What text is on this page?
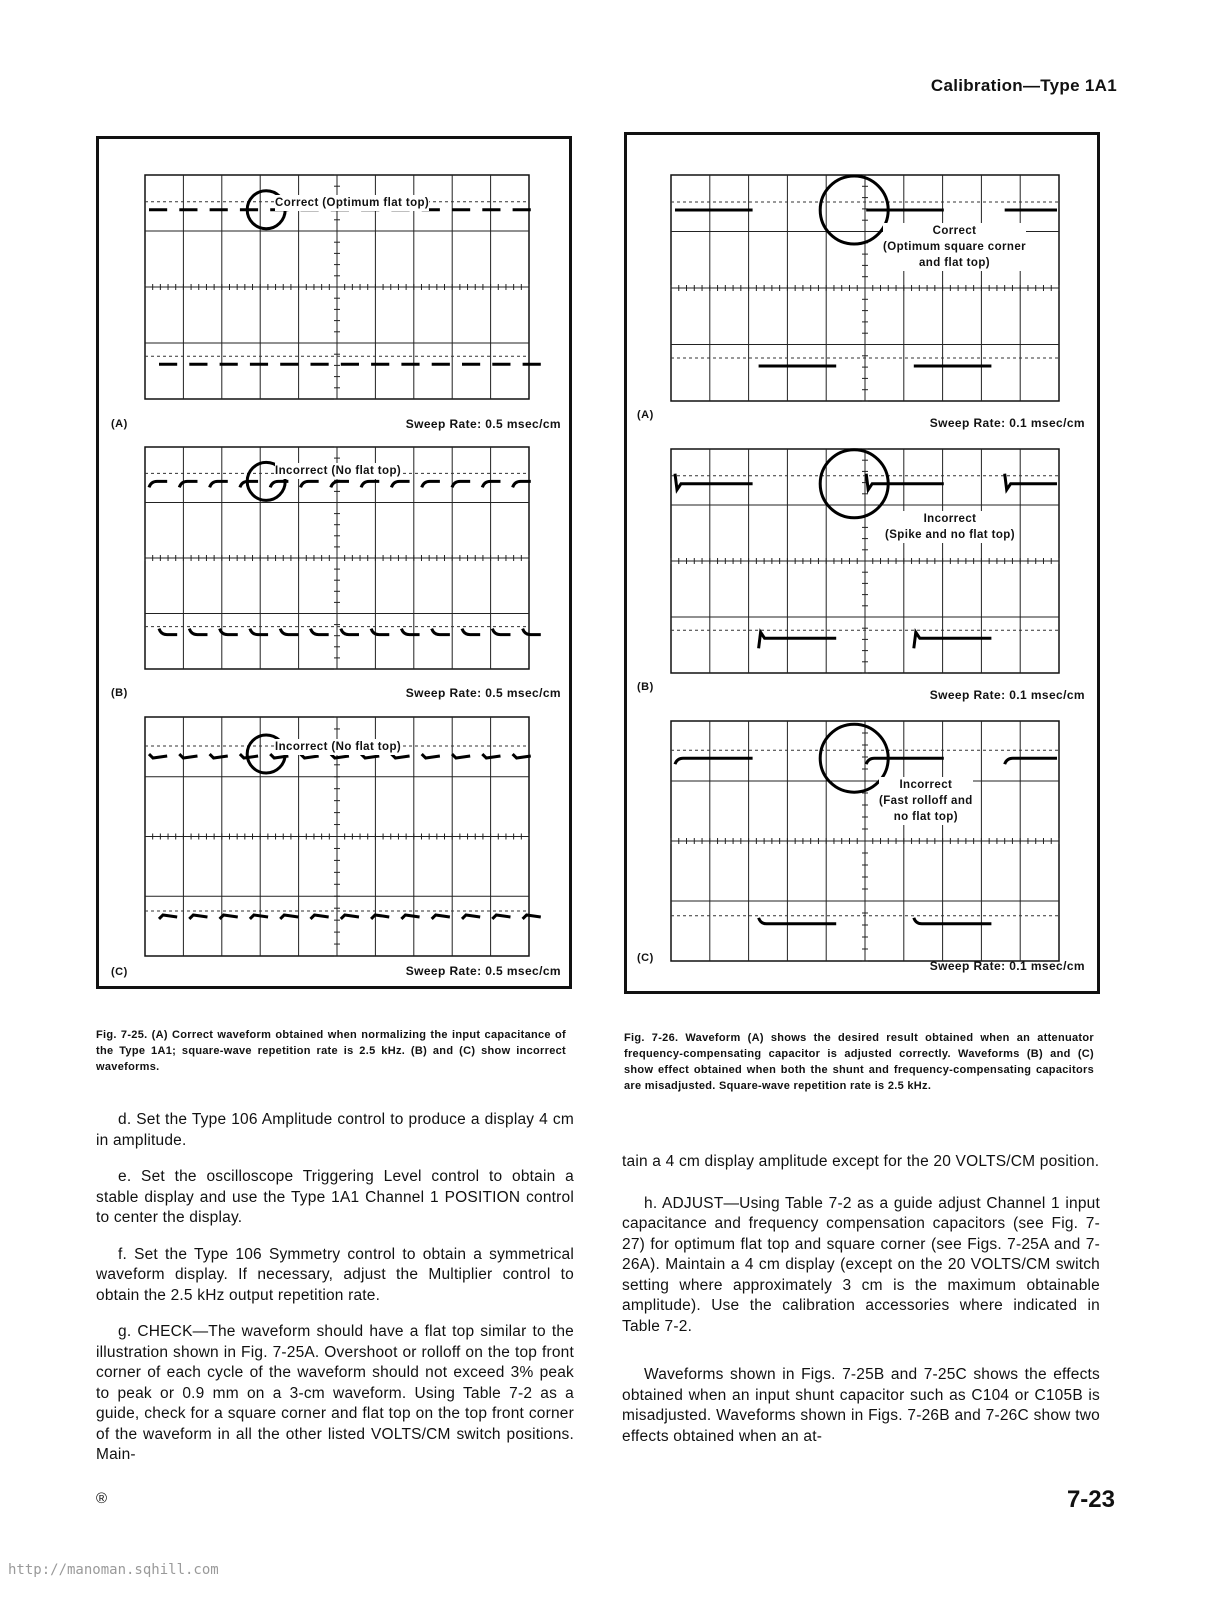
Calibration—Type 1A1
Correct (Optimum flat top)
(A)	Sweep Rate: 0.5 msec/cm
Incorrect (No flat top)
(B)	Sweep Rate: 0.5 msec/cm
Incorrect (No flat top)
(C)	Sweep Rate: 0.5 msec/cm
Correct
(Optimum square corner
and flat top)
(A)
Sweep Rate: 0.1 msec/cm
Incorrect
(Spike and no flat top)
(B)
Sweep Rate: 0.1 msec/cm
Incorrect
(Fast rolloff and
no flat top)
(C)
Sweep Rate: 0.1 msec/cm
Fig. 7-25. (A) Correct waveform obtained when normalizing the input capacitance of the Type 1A1; square-wave repetition rate is 2.5 kHz. (B) and (C) show incorrect waveforms.
Fig. 7-26. Waveform (A) shows the desired result obtained when an attenuator frequency-compensating capacitor is adjusted correctly. Waveforms (B) and (C) show effect obtained when both the shunt and frequency-compensating capacitors are misadjusted. Square-wave repetition rate is 2.5 kHz.

d. Set the Type 106 Amplitude control to produce a display 4 cm in amplitude.

e. Set the oscilloscope Triggering Level control to obtain a stable display and use the Type 1A1 Channel 1 POSITION control to center the display.

f. Set the Type 106 Symmetry control to obtain a symmetrical waveform display. If necessary, adjust the Multiplier control to obtain the 2.5 kHz output repetition rate.

g. CHECK—The waveform should have a flat top similar to the illustration shown in Fig. 7-25A. Overshoot or rolloff on the top front corner of each cycle of the waveform should not exceed 3% peak to peak or 0.9 mm on a 3-cm waveform. Using Table 7-2 as a guide, check for a square corner and flat top on the top front corner of the waveform in all the other listed VOLTS/CM switch positions. Main-

tain a 4 cm display amplitude except for the 20 VOLTS/CM position.

h. ADJUST—Using Table 7-2 as a guide adjust Channel 1 input capacitance and frequency compensation capacitors (see Fig. 7-27) for optimum flat top and square corner (see Figs. 7-25A and 7-26A). Maintain a 4 cm display (except on the 20 VOLTS/CM switch setting where approximately 3 cm is the maximum obtainable amplitude). Use the calibration accessories where indicated in Table 7-2.

Waveforms shown in Figs. 7-25B and 7-25C shows the effects obtained when an input shunt capacitor such as C104 or C105B is misadjusted. Waveforms shown in Figs. 7-26B and 7-26C show two effects obtained when an at-

®	7-23
http://manoman.sqhill.com
